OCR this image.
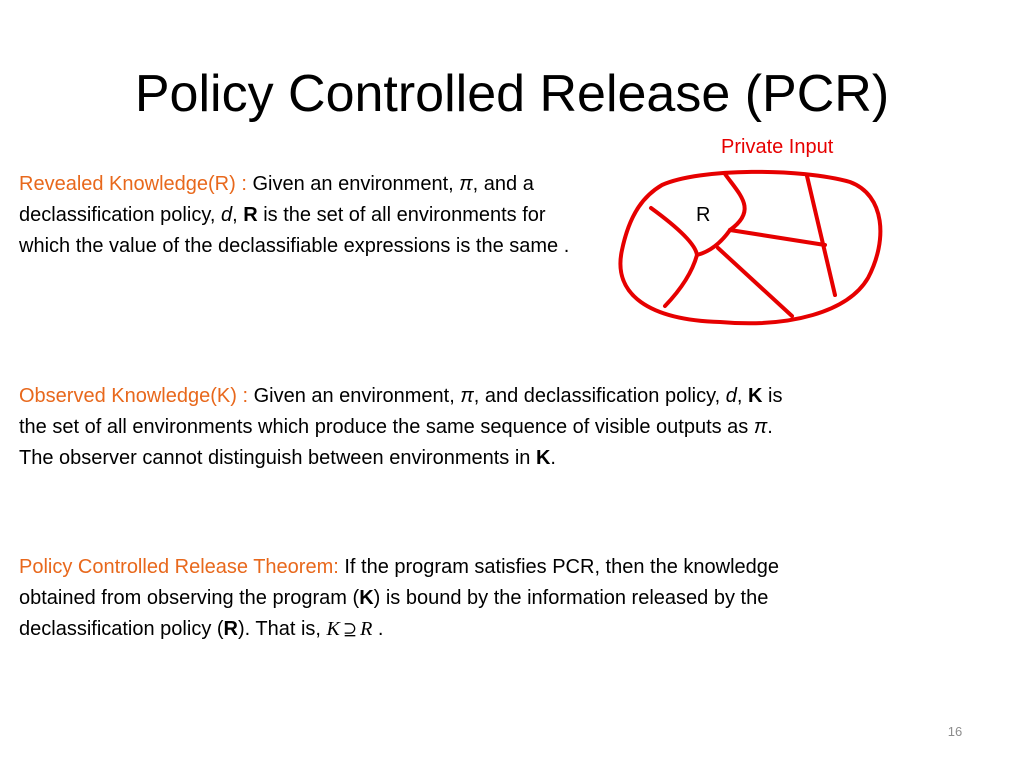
Policy Controlled Release (PCR)

Revealed Knowledge(R) : Given an environment, π, and a declassification policy, d, R is the set of all environments for which the value of the declassifiable expressions is the same .

Private Input
R

Observed Knowledge(K) : Given an environment, π, and declassification policy, d, K is the set of all environments which produce the same sequence of visible outputs as π. The observer cannot distinguish between environments in K.

Policy Controlled Release Theorem: If the program satisfies PCR, then the knowledge obtained from observing the program (K) is bound by the information released by the declassification policy (R). That is, K ⊇ R .

16
